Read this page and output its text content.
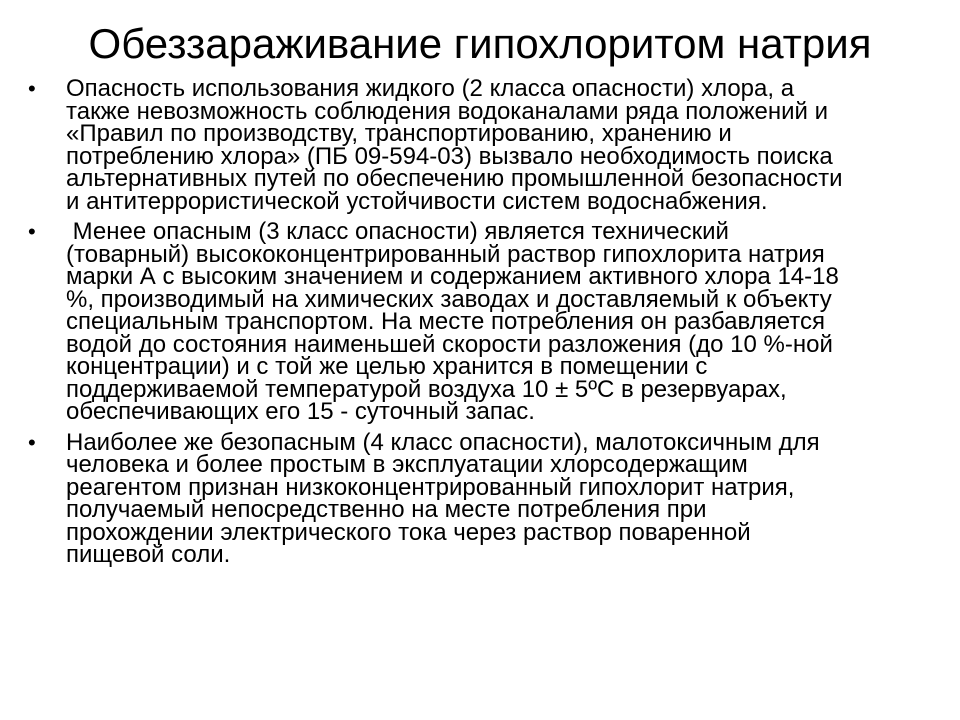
Обеззараживание гипохлоритом натрия
• Опасность использования жидкого (2 класса опасности) хлора, а
также невозможность соблюдения водоканалами ряда положений и
«Правил по производству, транспортированию, хранению и
потреблению хлора» (ПБ 09-594-03) вызвало необходимость поиска
альтернативных путей по обеспечению промышленной безопасности
и антитеррористической устойчивости систем водоснабжения.
• Менее опасным (3 класс опасности) является технический
(товарный) высококонцентрированный раствор гипохлорита натрия
марки А с высоким значением и содержанием активного хлора 14-18
%, производимый на химических заводах и доставляемый к объекту
специальным транспортом. На месте потребления он разбавляется
водой до состояния наименьшей скорости разложения (до 10 %-ной
концентрации) и с той же целью хранится в помещении с
поддерживаемой температурой воздуха 10 ± 5ºС в резервуарах,
обеспечивающих его 15 - суточный запас.
• Наиболее же безопасным (4 класс опасности), малотоксичным для
человека и более простым в эксплуатации хлорсодержащим
реагентом признан низкоконцентрированный гипохлорит натрия,
получаемый непосредственно на месте потребления при
прохождении электрического тока через раствор поваренной
пищевой соли.
